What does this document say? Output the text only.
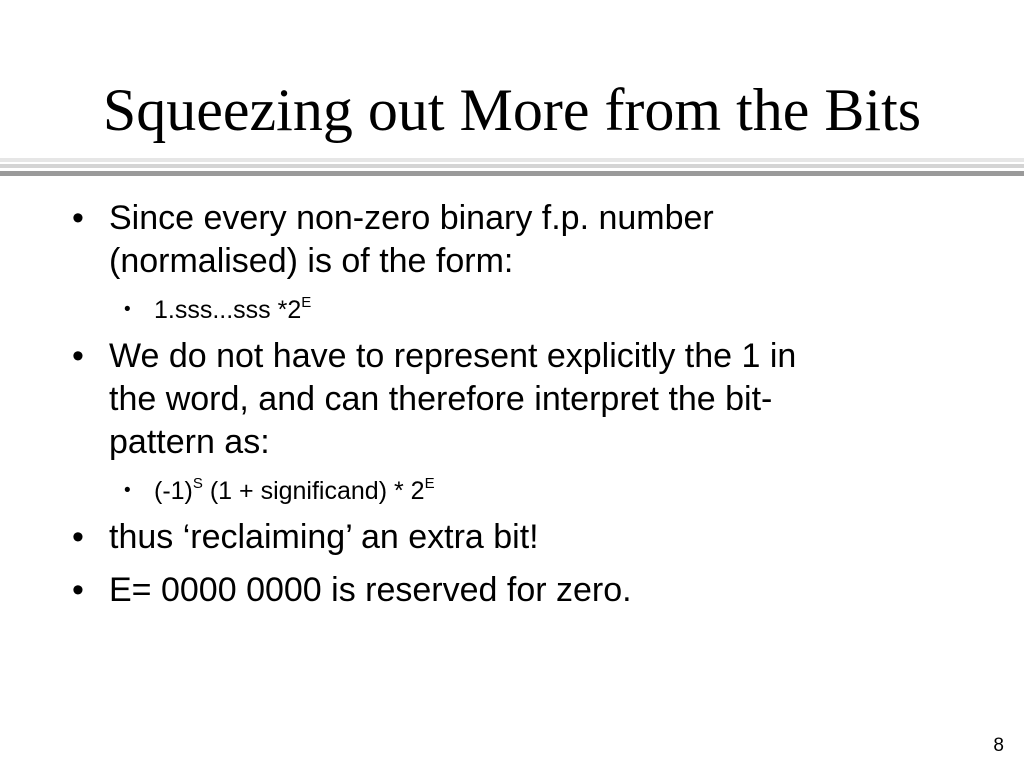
Squeezing out More from the Bits
• Since every non-zero binary f.p. number
(normalised) is of the form:
• 1.sss...sss $*2^E$
• We do not have to represent explicitly the 1 in
the word, and can therefore interpret the bit-
pattern as:
• $(-1)^S$ (1 + significand) * $2^E$
• thus ‘reclaiming’ an extra bit!
• E= 0000 0000 is reserved for zero.
8
